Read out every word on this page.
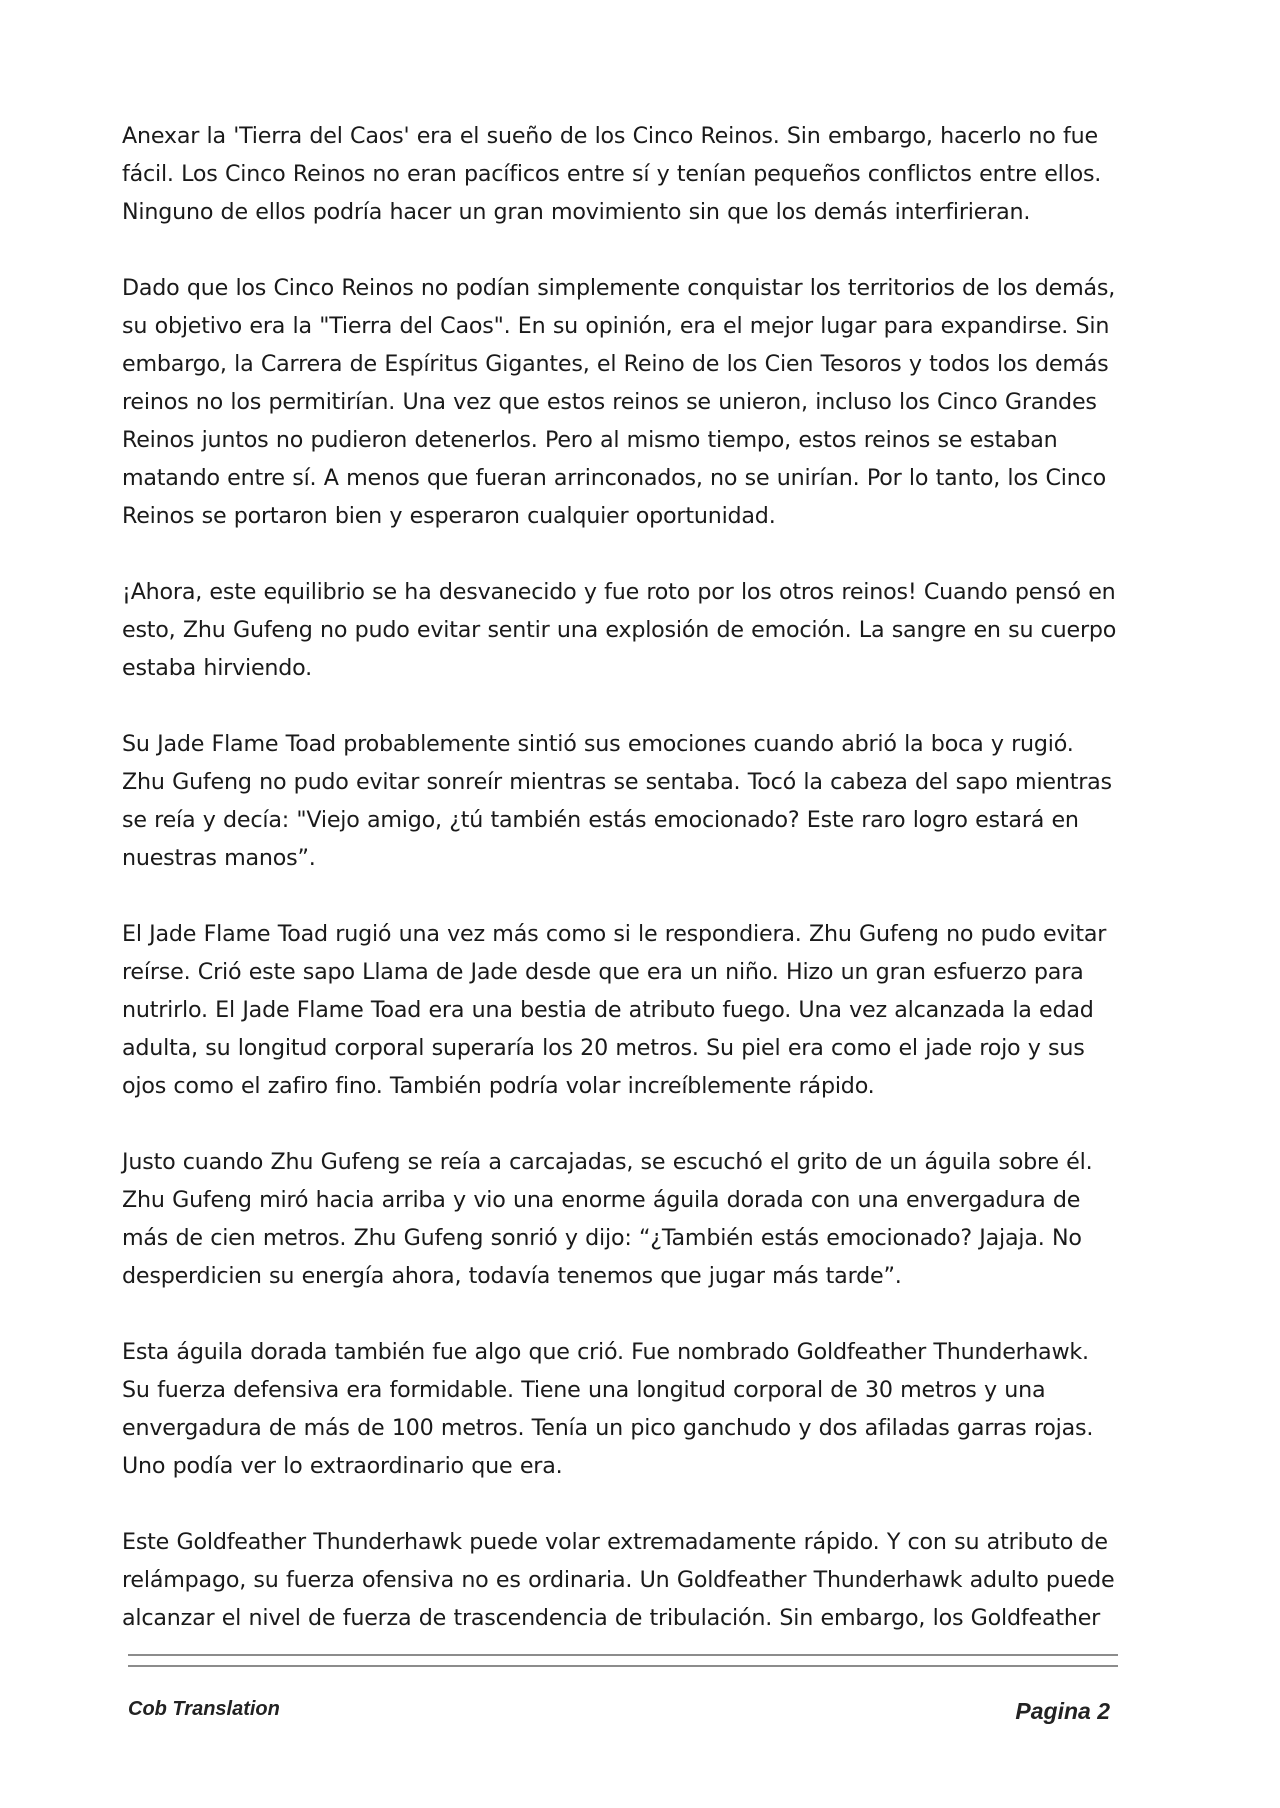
Anexar la 'Tierra del Caos' era el sueño de los Cinco Reinos. Sin embargo, hacerlo no fue fácil. Los Cinco Reinos no eran pacíficos entre sí y tenían pequeños conflictos entre ellos. Ninguno de ellos podría hacer un gran movimiento sin que los demás interfirieran.

Dado que los Cinco Reinos no podían simplemente conquistar los territorios de los demás, su objetivo era la "Tierra del Caos". En su opinión, era el mejor lugar para expandirse. Sin embargo, la Carrera de Espíritus Gigantes, el Reino de los Cien Tesoros y todos los demás reinos no los permitirían. Una vez que estos reinos se unieron, incluso los Cinco Grandes Reinos juntos no pudieron detenerlos. Pero al mismo tiempo, estos reinos se estaban matando entre sí. A menos que fueran arrinconados, no se unirían. Por lo tanto, los Cinco Reinos se portaron bien y esperaron cualquier oportunidad.

¡Ahora, este equilibrio se ha desvanecido y fue roto por los otros reinos! Cuando pensó en esto, Zhu Gufeng no pudo evitar sentir una explosión de emoción. La sangre en su cuerpo estaba hirviendo.

Su Jade Flame Toad probablemente sintió sus emociones cuando abrió la boca y rugió. Zhu Gufeng no pudo evitar sonreír mientras se sentaba. Tocó la cabeza del sapo mientras se reía y decía: "Viejo amigo, ¿tú también estás emocionado? Este raro logro estará en nuestras manos”.

El Jade Flame Toad rugió una vez más como si le respondiera. Zhu Gufeng no pudo evitar reírse. Crió este sapo Llama de Jade desde que era un niño. Hizo un gran esfuerzo para nutrirlo. El Jade Flame Toad era una bestia de atributo fuego. Una vez alcanzada la edad adulta, su longitud corporal superaría los 20 metros. Su piel era como el jade rojo y sus ojos como el zafiro fino. También podría volar increíblemente rápido.

Justo cuando Zhu Gufeng se reía a carcajadas, se escuchó el grito de un águila sobre él. Zhu Gufeng miró hacia arriba y vio una enorme águila dorada con una envergadura de más de cien metros. Zhu Gufeng sonrió y dijo: “¿También estás emocionado? Jajaja. No desperdicien su energía ahora, todavía tenemos que jugar más tarde”.

Esta águila dorada también fue algo que crió. Fue nombrado Goldfeather Thunderhawk. Su fuerza defensiva era formidable. Tiene una longitud corporal de 30 metros y una envergadura de más de 100 metros. Tenía un pico ganchudo y dos afiladas garras rojas. Uno podía ver lo extraordinario que era.

Este Goldfeather Thunderhawk puede volar extremadamente rápido. Y con su atributo de relámpago, su fuerza ofensiva no es ordinaria. Un Goldfeather Thunderhawk adulto puede alcanzar el nivel de fuerza de trascendencia de tribulación. Sin embargo, los Goldfeather

Cob Translation	Pagina 2
